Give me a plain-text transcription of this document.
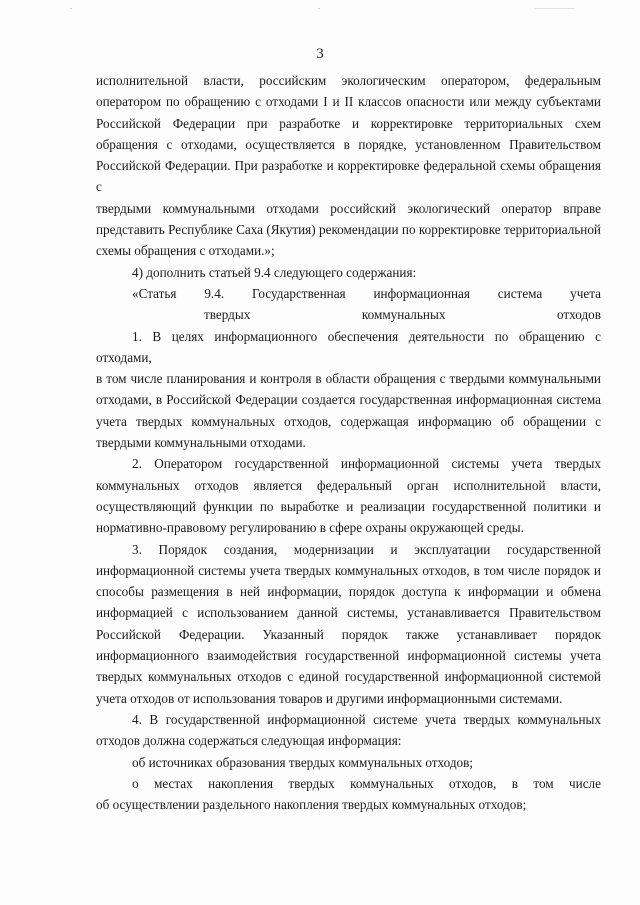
3

исполнительной власти, российским экологическим оператором, федеральным

оператором по обращению с отходами I и II классов опасности или между субъектами

Российской Федерации при разработке и корректировке территориальных схем

обращения с отходами, осуществляется в порядке, установленном Правительством

Российской Федерации. При разработке и корректировке федеральной схемы обращения с

твердыми коммунальными отходами российский экологический оператор вправе

представить Республике Саха (Якутия) рекомендации по корректировке территориальной

схемы обращения с отходами.»;

4) дополнить статьей 9.4 следующего содержания:

«Статья 9.4. Государственная информационная система учета

твердых коммунальных отходов

1. В целях информационного обеспечения деятельности по обращению с отходами,

в том числе планирования и контроля в области обращения с твердыми коммунальными

отходами, в Российской Федерации создается государственная информационная система

учета твердых коммунальных отходов, содержащая информацию об обращении с

твердыми коммунальными отходами.

2. Оператором государственной информационной системы учета твердых

коммунальных отходов является федеральный орган исполнительной власти,

осуществляющий функции по выработке и реализации государственной политики и

нормативно-правовому регулированию в сфере охраны окружающей среды.

3. Порядок создания, модернизации и эксплуатации государственной

информационной системы учета твердых коммунальных отходов, в том числе порядок и

способы размещения в ней информации, порядок доступа к информации и обмена

информацией с использованием данной системы, устанавливается Правительством

Российской Федерации. Указанный порядок также устанавливает порядок

информационного взаимодействия государственной информационной системы учета

твердых коммунальных отходов с единой государственной информационной системой

учета отходов от использования товаров и другими информационными системами.

4. В государственной информационной системе учета твердых коммунальных

отходов должна содержаться следующая информация:

об источниках образования твердых коммунальных отходов;

о местах накопления твердых коммунальных отходов, в том числе

об осуществлении раздельного накопления твердых коммунальных отходов;
